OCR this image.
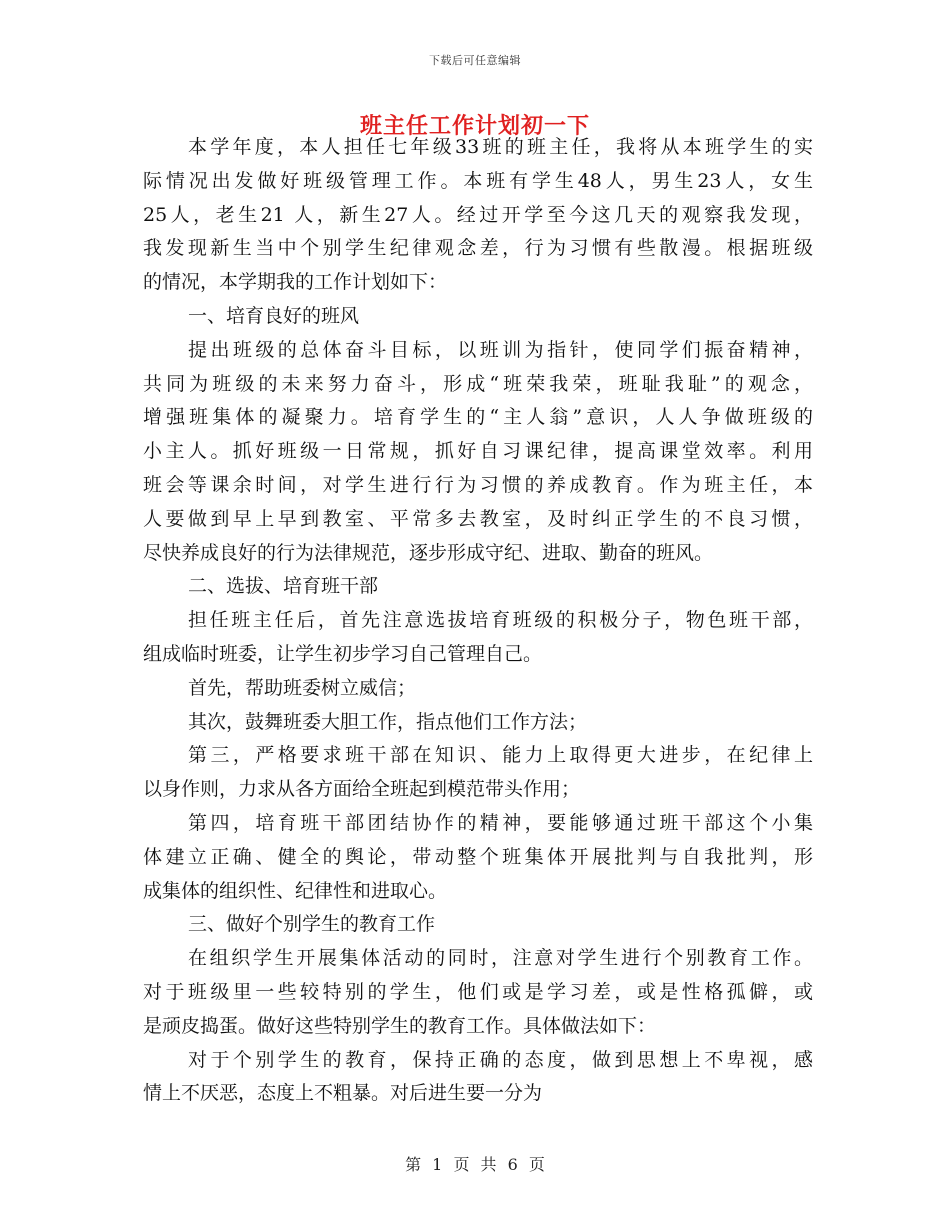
下载后可任意编辑
班主任工作计划初一下
本学年度，本人担任七年级33班的班主任，我将从本班学生的实
际情况出发做好班级管理工作。本班有学生48人，男生23人，女生
25人，老生21 人，新生27人。经过开学至今这几天的观察我发现，
我发现新生当中个别学生纪律观念差，行为习惯有些散漫。根据班级
的情况，本学期我的工作计划如下：
一、培育良好的班风
提出班级的总体奋斗目标，以班训为指针，使同学们振奋精神，
共同为班级的未来努力奋斗，形成“班荣我荣，班耻我耻”的观念，
增强班集体的凝聚力。培育学生的“主人翁”意识，人人争做班级的
小主人。抓好班级一日常规，抓好自习课纪律，提高课堂效率。利用
班会等课余时间，对学生进行行为习惯的养成教育。作为班主任，本
人要做到早上早到教室、平常多去教室，及时纠正学生的不良习惯，
尽快养成良好的行为法律规范，逐步形成守纪、进取、勤奋的班风。
二、选拔、培育班干部
担任班主任后，首先注意选拔培育班级的积极分子，物色班干部，
组成临时班委，让学生初步学习自己管理自己。
首先，帮助班委树立威信；
其次，鼓舞班委大胆工作，指点他们工作方法；
第三，严格要求班干部在知识、能力上取得更大进步，在纪律上
以身作则，力求从各方面给全班起到模范带头作用；
第四，培育班干部团结协作的精神，要能够通过班干部这个小集
体建立正确、健全的舆论，带动整个班集体开展批判与自我批判，形
成集体的组织性、纪律性和进取心。
三、做好个别学生的教育工作
在组织学生开展集体活动的同时，注意对学生进行个别教育工作。
对于班级里一些较特别的学生，他们或是学习差，或是性格孤僻，或
是顽皮捣蛋。做好这些特别学生的教育工作。具体做法如下：
对于个别学生的教育，保持正确的态度，做到思想上不卑视，感
情上不厌恶，态度上不粗暴。对后进生要一分为
第 1 页 共 6 页
